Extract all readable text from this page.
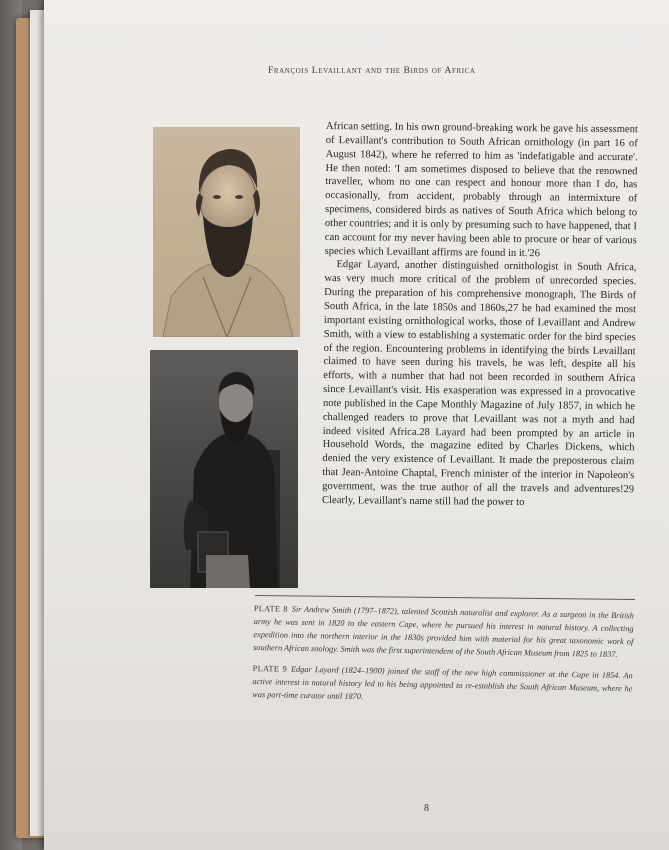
François Levaillant and the Birds of Africa

African setting. In his own ground-breaking work he gave his assessment of Levaillant's contribution to South African ornithology (in part 16 of August 1842), where he referred to him as 'indefatigable and accurate'. He then noted: 'I am sometimes disposed to believe that the renowned traveller, whom no one can respect and honour more than I do, has occasionally, from accident, probably through an intermixture of specimens, considered birds as natives of South Africa which belong to other countries; and it is only by presuming such to have happened, that I can account for my never having been able to procure or hear of various species which Levaillant affirms are found in it.'26

Edgar Layard, another distinguished ornithologist in South Africa, was very much more critical of the problem of unrecorded species. During the preparation of his comprehensive monograph, The Birds of South Africa, in the late 1850s and 1860s,27 he had examined the most important existing ornithological works, those of Levaillant and Andrew Smith, with a view to establishing a systematic order for the bird species of the region. Encountering problems in identifying the birds Levaillant claimed to have seen during his travels, he was left, despite all his efforts, with a number that had not been recorded in southern Africa since Levaillant's visit. His exasperation was expressed in a provocative note published in the Cape Monthly Magazine of July 1857, in which he challenged readers to prove that Levaillant was not a myth and had indeed visited Africa.28 Layard had been prompted by an article in Household Words, the magazine edited by Charles Dickens, which denied the very existence of Levaillant. It made the preposterous claim that Jean-Antoine Chaptal, French minister of the interior in Napoleon's government, was the true author of all the travels and adventures!29 Clearly, Levaillant's name still had the power to

PLATE 8 Sir Andrew Smith (1797–1872), talented Scottish naturalist and explorer. As a surgeon in the British army he was sent in 1820 to the eastern Cape, where he pursued his interest in natural history. A collecting expedition into the northern interior in the 1830s provided him with material for his great taxonomic work of southern African zoology. Smith was the first superintendent of the South African Museum from 1825 to 1837.

PLATE 9 Edgar Layard (1824–1900) joined the staff of the new high commissioner at the Cape in 1854. An active interest in natural history led to his being appointed to re-establish the South African Museum, where he was part-time curator until 1870.

8
